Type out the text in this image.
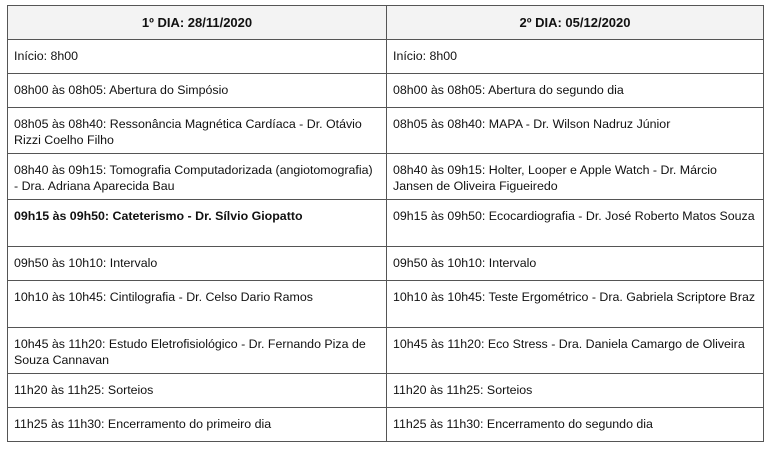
1º DIA: 28/11/2020	2º DIA: 05/12/2020
Início: 8h00	Início: 8h00
08h00 às 08h05: Abertura do Simpósio	08h00 às 08h05: Abertura do segundo dia
08h05 às 08h40: Ressonância Magnética Cardíaca - Dr. Otávio Rizzi Coelho Filho	08h05 às 08h40: MAPA - Dr. Wilson Nadruz Júnior
08h40 às 09h15: Tomografia Computadorizada (angiotomografia) - Dra. Adriana Aparecida Bau	08h40 às 09h15: Holter, Looper e Apple Watch - Dr. Márcio Jansen de Oliveira Figueiredo
09h15 às 09h50: Cateterismo - Dr. Sílvio Giopatto	09h15 às 09h50: Ecocardiografia - Dr. José Roberto Matos Souza
09h50 às 10h10: Intervalo	09h50 às 10h10: Intervalo
10h10 às 10h45: Cintilografia - Dr. Celso Dario Ramos	10h10 às 10h45: Teste Ergométrico - Dra. Gabriela Scriptore Braz
10h45 às 11h20: Estudo Eletrofisiológico - Dr. Fernando Piza de Souza Cannavan	10h45 às 11h20: Eco Stress - Dra. Daniela Camargo de Oliveira
11h20 às 11h25: Sorteios	11h20 às 11h25: Sorteios
11h25 às 11h30: Encerramento do primeiro dia	11h25 às 11h30: Encerramento do segundo dia
